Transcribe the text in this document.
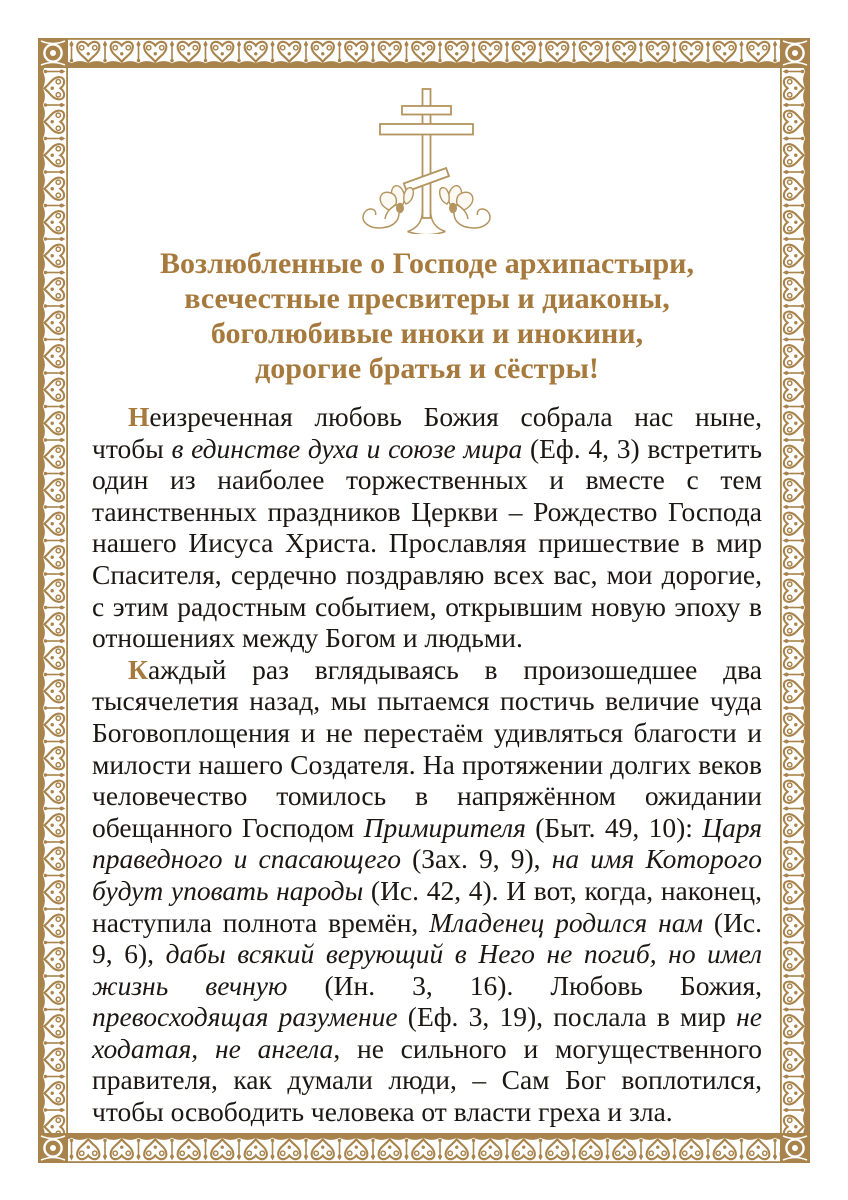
Возлюбленные о Господе архипастыри,
всечестные пресвитеры и диаконы,
боголюбивые иноки и инокини,
дорогие братья и сёстры!

Неизреченная любовь Божия собрала нас ныне, чтобы в единстве духа и союзе мира (Еф. 4, 3) встретить один из наиболее торжественных и вместе с тем таинственных праздников Церкви – Рождество Господа нашего Иисуса Христа. Прославляя пришествие в мир Спасителя, сердечно поздравляю всех вас, мои дорогие, с этим радостным событием, открывшим новую эпоху в отношениях между Богом и людьми.

Каждый раз вглядываясь в произошедшее два тысячелетия назад, мы пытаемся постичь величие чуда Боговоплощения и не перестаём удивляться благости и милости нашего Создателя. На протяжении долгих веков человечество томилось в напряжённом ожидании обещанного Господом Примирителя (Быт. 49, 10): Царя праведного и спасающего (Зах. 9, 9), на имя Которого будут уповать народы (Ис. 42, 4). И вот, когда, наконец, наступила полнота времён, Младенец родился нам (Ис. 9, 6), дабы всякий верующий в Него не погиб, но имел жизнь вечную (Ин. 3, 16). Любовь Божия, превосходящая разумение (Еф. 3, 19), послала в мир не ходатая, не ангела, не сильного и могущественного правителя, как думали люди, – Сам Бог воплотился, чтобы освободить человека от власти греха и зла.
